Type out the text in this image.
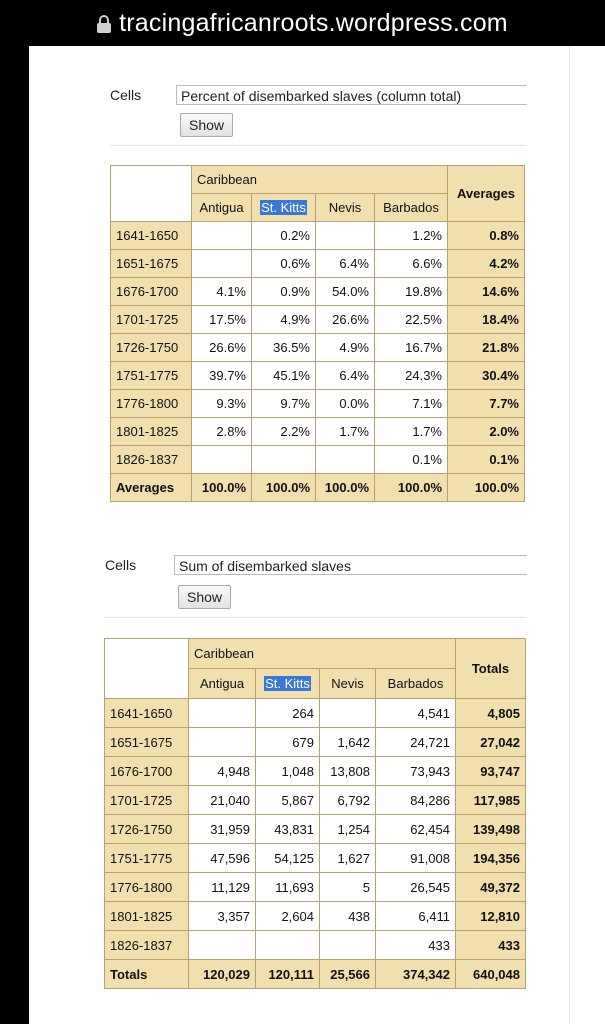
tracingafricanroots.wordpress.com
Cells	Percent of disembarked slaves (column total)
Show
	Caribbean				Averages
	Antigua	St. Kitts	Nevis	Barbados	
1641-1650		0.2%		1.2%	0.8%
1651-1675		0.6%	6.4%	6.6%	4.2%
1676-1700	4.1%	0.9%	54.0%	19.8%	14.6%
1701-1725	17.5%	4.9%	26.6%	22.5%	18.4%
1726-1750	26.6%	36.5%	4.9%	16.7%	21.8%
1751-1775	39.7%	45.1%	6.4%	24.3%	30.4%
1776-1800	9.3%	9.7%	0.0%	7.1%	7.7%
1801-1825	2.8%	2.2%	1.7%	1.7%	2.0%
1826-1837				0.1%	0.1%
Averages	100.0%	100.0%	100.0%	100.0%	100.0%
Cells	Sum of disembarked slaves
Show
	Caribbean				Totals
	Antigua	St. Kitts	Nevis	Barbados	
1641-1650		264		4,541	4,805
1651-1675		679	1,642	24,721	27,042
1676-1700	4,948	1,048	13,808	73,943	93,747
1701-1725	21,040	5,867	6,792	84,286	117,985
1726-1750	31,959	43,831	1,254	62,454	139,498
1751-1775	47,596	54,125	1,627	91,008	194,356
1776-1800	11,129	11,693	5	26,545	49,372
1801-1825	3,357	2,604	438	6,411	12,810
1826-1837				433	433
Totals	120,029	120,111	25,566	374,342	640,048
